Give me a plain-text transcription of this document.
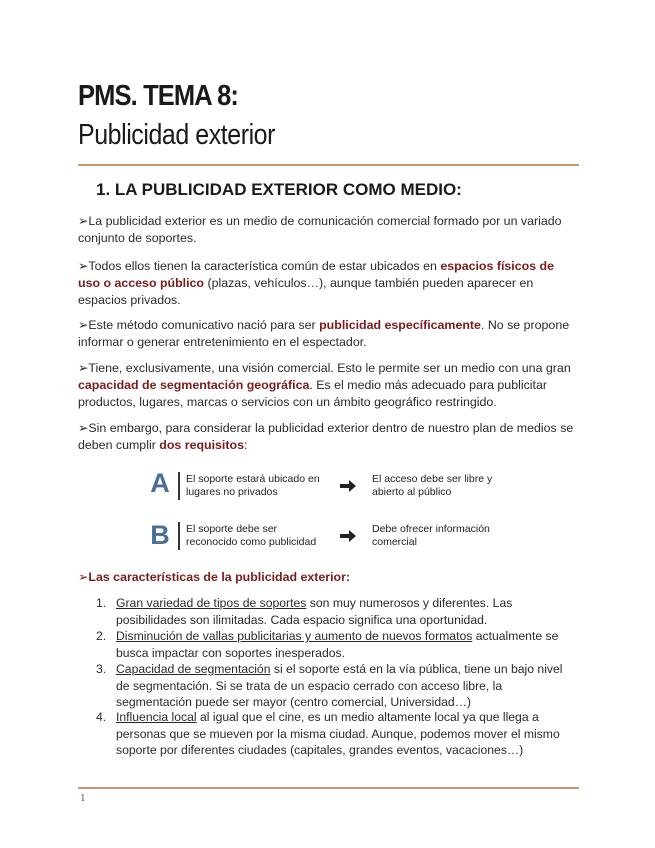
PMS. TEMA 8:
Publicidad exterior
1. LA PUBLICIDAD EXTERIOR COMO MEDIO:
➢La publicidad exterior es un medio de comunicación comercial formado por un variado conjunto de soportes.
➢Todos ellos tienen la característica común de estar ubicados en espacios físicos de uso o acceso público (plazas, vehículos…), aunque también pueden aparecer en espacios privados.
➢Este método comunicativo nació para ser publicidad específicamente. No se propone informar o generar entretenimiento en el espectador.
➢Tiene, exclusivamente, una visión comercial. Esto le permite ser un medio con una gran capacidad de segmentación geográfica. Es el medio más adecuado para publicitar productos, lugares, marcas o servicios con un ámbito geográfico restringido.
➢Sin embargo, para considerar la publicidad exterior dentro de nuestro plan de medios se deben cumplir dos requisitos:
A El soporte estará ubicado en
lugares no privados
El acceso debe ser libre y
abierto al público
B El soporte debe ser
reconocido como publicidad
Debe ofrecer información
comercial
➢Las características de la publicidad exterior:
1. Gran variedad de tipos de soportes son muy numerosos y diferentes. Las posibilidades son ilimitadas. Cada espacio significa una oportunidad.
2. Disminución de vallas publicitarias y aumento de nuevos formatos actualmente se busca impactar con soportes inesperados.
3. Capacidad de segmentación si el soporte está en la vía pública, tiene un bajo nivel de segmentación. Si se trata de un espacio cerrado con acceso libre, la segmentación puede ser mayor (centro comercial, Universidad…)
4. Influencia local al igual que el cine, es un medio altamente local ya que llega a personas que se mueven por la misma ciudad. Aunque, podemos mover el mismo soporte por diferentes ciudades (capitales, grandes eventos, vacaciones…)
1
